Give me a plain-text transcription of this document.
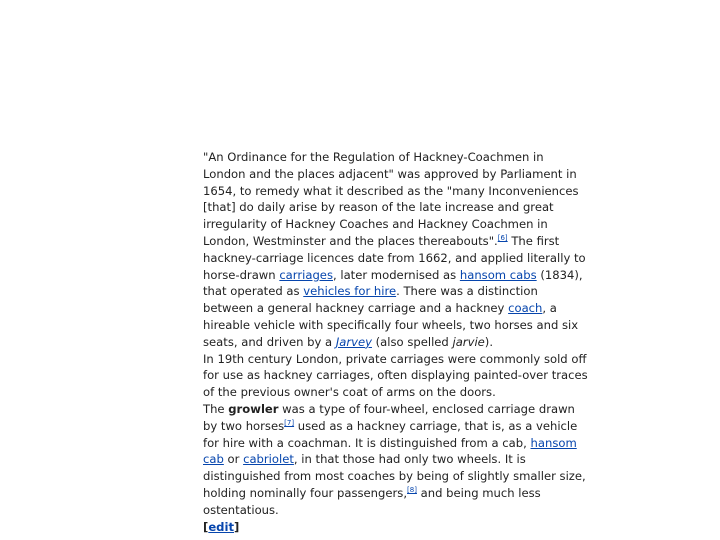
"An Ordinance for the Regulation of Hackney-Coachmen in London and the places adjacent" was approved by Parliament in 1654, to remedy what it described as the "many Inconveniences [that] do daily arise by reason of the late increase and great irregularity of Hackney Coaches and Hackney Coachmen in London, Westminster and the places thereabouts".[6] The first hackney-carriage licences date from 1662, and applied literally to horse-drawn carriages, later modernised as hansom cabs (1834), that operated as vehicles for hire. There was a distinction between a general hackney carriage and a hackney coach, a hireable vehicle with specifically four wheels, two horses and six seats, and driven by a Jarvey (also spelled jarvie).

In 19th century London, private carriages were commonly sold off for use as hackney carriages, often displaying painted-over traces of the previous owner's coat of arms on the doors.

The growler was a type of four-wheel, enclosed carriage drawn by two horses[7] used as a hackney carriage, that is, as a vehicle for hire with a coachman. It is distinguished from a cab, hansom cab or cabriolet, in that those had only two wheels. It is distinguished from most coaches by being of slightly smaller size, holding nominally four passengers,[8] and being much less ostentatious.

[edit]
